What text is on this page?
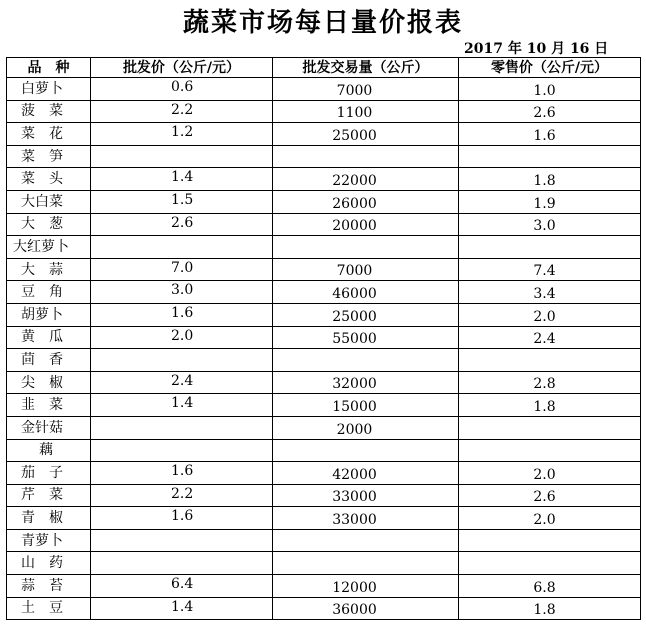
蔬菜市场每日量价报表
2017 年 10 月 16 日
品　种	批发价（公斤/元）	批发交易量（公斤）	零售价（公斤/元）
白萝卜	0.6	7000	1.0
菠　菜	2.2	1100	2.6
菜　花	1.2	25000	1.6
菜　笋			
菜　头	1.4	22000	1.8
大白菜	1.5	26000	1.9
大　葱	2.6	20000	3.0
大红萝卜			
大　蒜	7.0	7000	7.4
豆　角	3.0	46000	3.4
胡萝卜	1.6	25000	2.0
黄　瓜	2.0	55000	2.4
茴　香			
尖　椒	2.4	32000	2.8
韭　菜	1.4	15000	1.8
金针菇		2000	
藕			
茄　子	1.6	42000	2.0
芹　菜	2.2	33000	2.6
青　椒	1.6	33000	2.0
青萝卜			
山　药			
蒜　苔	6.4	12000	6.8
土　豆	1.4	36000	1.8
